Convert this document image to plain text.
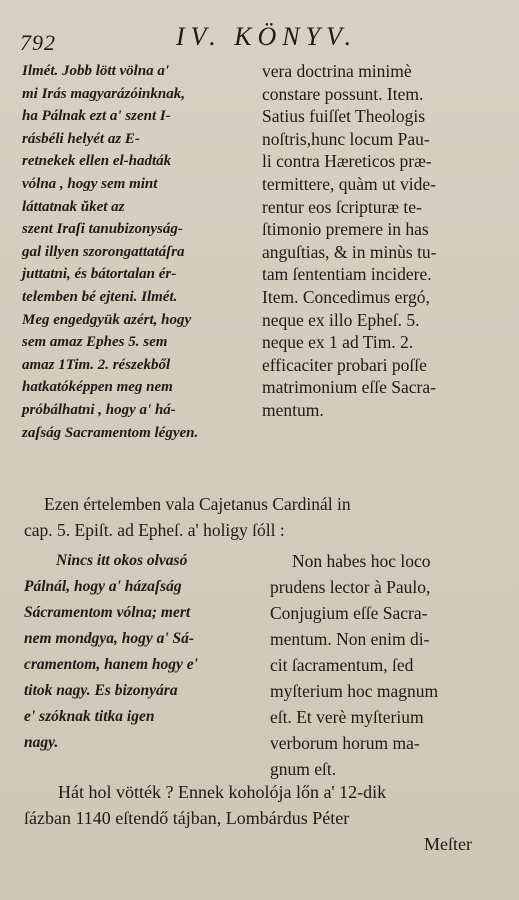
792	IV. KÖNYV.
Ilmét. Jobb lött völna a'
mi Irás magyarázóinknak,
ha Pálnak ezt a' szent I-
rásbéli helyét az E-
retnekek ellen el-hadták
vólna , hogy sem mint
láttatnak ŭket az
szent Iraſi tanubizonyság-
gal illyen szorongattatáſra
juttatni, és bátortalan ér-
telemben bé ejteni. Ilmét.
Meg engedgyük azért, hogy
sem amaz Ephes 5. sem
amaz 1Tim. 2. részekből
hatkatóképpen meg nem
próbálhatni , hogy a' há-
zaſság Sacramentom légyen.
vera doctrina minimè
constare possunt. Item.
Satius fuiſſet Theologis
noſtris,hunc locum Pau-
li contra Hæreticos præ-
termittere, quàm ut vide-
rentur eos ſcripturæ te-
ſtimonio premere in has
anguſtias, & in minùs tu-
tam ſententiam incidere.
Item. Concedimus ergó,
neque ex illo Epheſ. 5.
neque ex 1 ad Tim. 2.
efficaciter probari poſſe
matrimonium eſſe Sacra-
mentum.
Ezen értelemben vala Cajetanus Cardinál in
cap. 5. Epiſt. ad Epheſ. a' holigy ſóll :
Nincs itt okos olvasó
Pálnál, hogy a' házaſság
Sácramentom vólna; mert
nem mondgya, hogy a' Sá-
cramentom, hanem hogy e'
titok nagy. Es bizonyára
e' szóknak titka igen
nagy.
Non habes hoc loco
prudens lector à Paulo,
Conjugium eſſe Sacra-
mentum. Non enim di-
cit ſacramentum, ſed
myſterium hoc magnum
eſt. Et verè myſterium
verborum horum ma-
gnum eſt.
Hát hol vötték ? Ennek koholója lőn a' 12-dik
ſázban 1140 eſtendő tájban, Lombárdus Péter
Meſter
